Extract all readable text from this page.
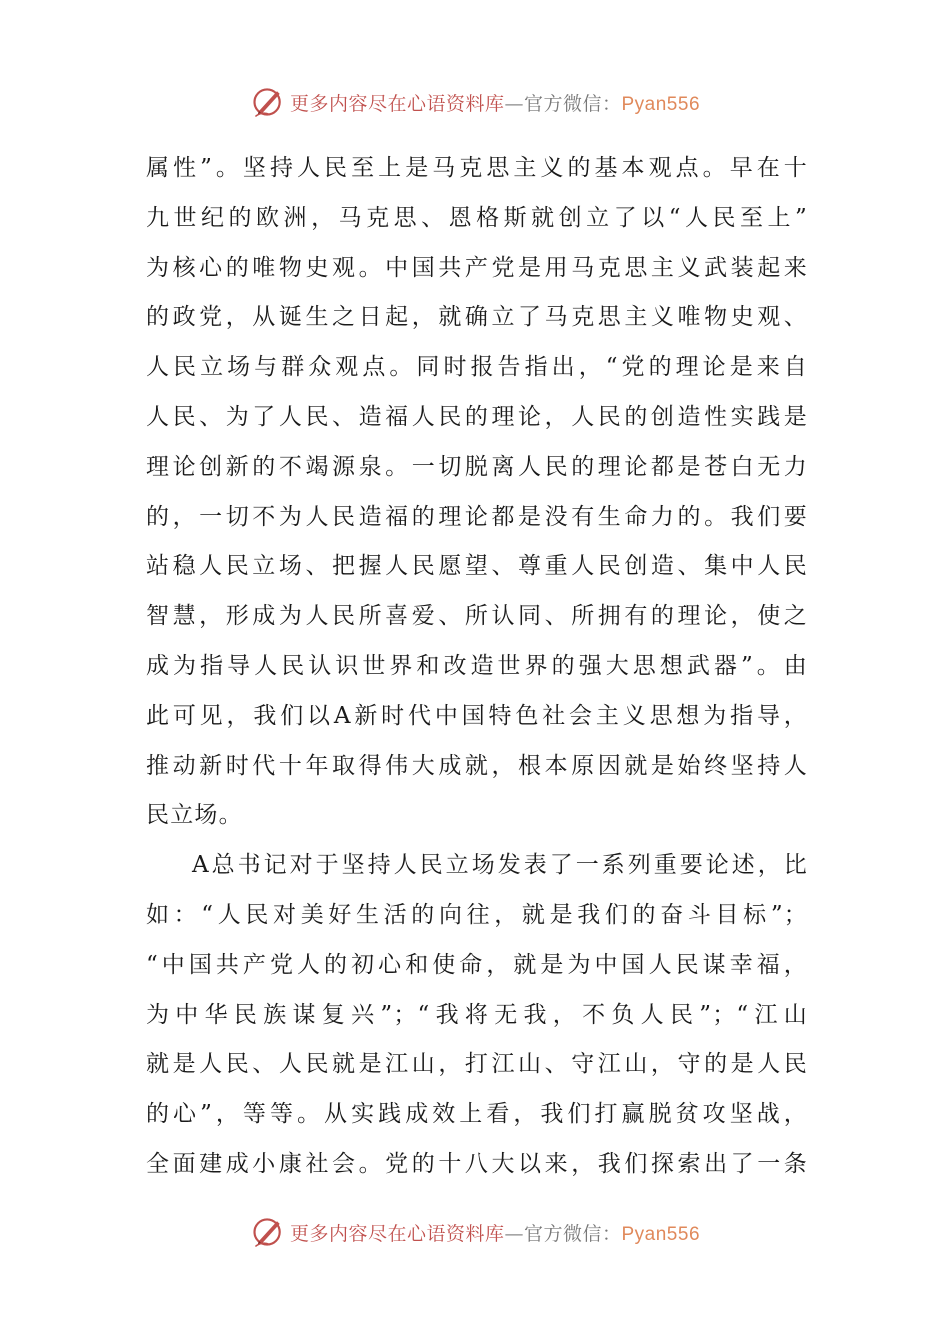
更多内容尽在心语资料库—官方微信：Pyan556
属性”。坚持人民至上是马克思主义的基本观点。早在十
九世纪的欧洲，马克思、恩格斯就创立了以“人民至上”
为核心的唯物史观。中国共产党是用马克思主义武装起来
的政党，从诞生之日起，就确立了马克思主义唯物史观、
人民立场与群众观点。同时报告指出，“党的理论是来自
人民、为了人民、造福人民的理论，人民的创造性实践是
理论创新的不竭源泉。一切脱离人民的理论都是苍白无力
的，一切不为人民造福的理论都是没有生命力的。我们要
站稳人民立场、把握人民愿望、尊重人民创造、集中人民
智慧，形成为人民所喜爱、所认同、所拥有的理论，使之
成为指导人民认识世界和改造世界的强大思想武器”。由
此可见，我们以A新时代中国特色社会主义思想为指导，
推动新时代十年取得伟大成就，根本原因就是始终坚持人
民立场。
A总书记对于坚持人民立场发表了一系列重要论述，比
如：“人民对美好生活的向往，就是我们的奋斗目标”；
“中国共产党人的初心和使命，就是为中国人民谋幸福，
为中华民族谋复兴”；“我将无我，不负人民”；“江山
就是人民、人民就是江山，打江山、守江山，守的是人民
的心”，等等。从实践成效上看，我们打赢脱贫攻坚战，
全面建成小康社会。党的十八大以来，我们探索出了一条
更多内容尽在心语资料库—官方微信：Pyan556
